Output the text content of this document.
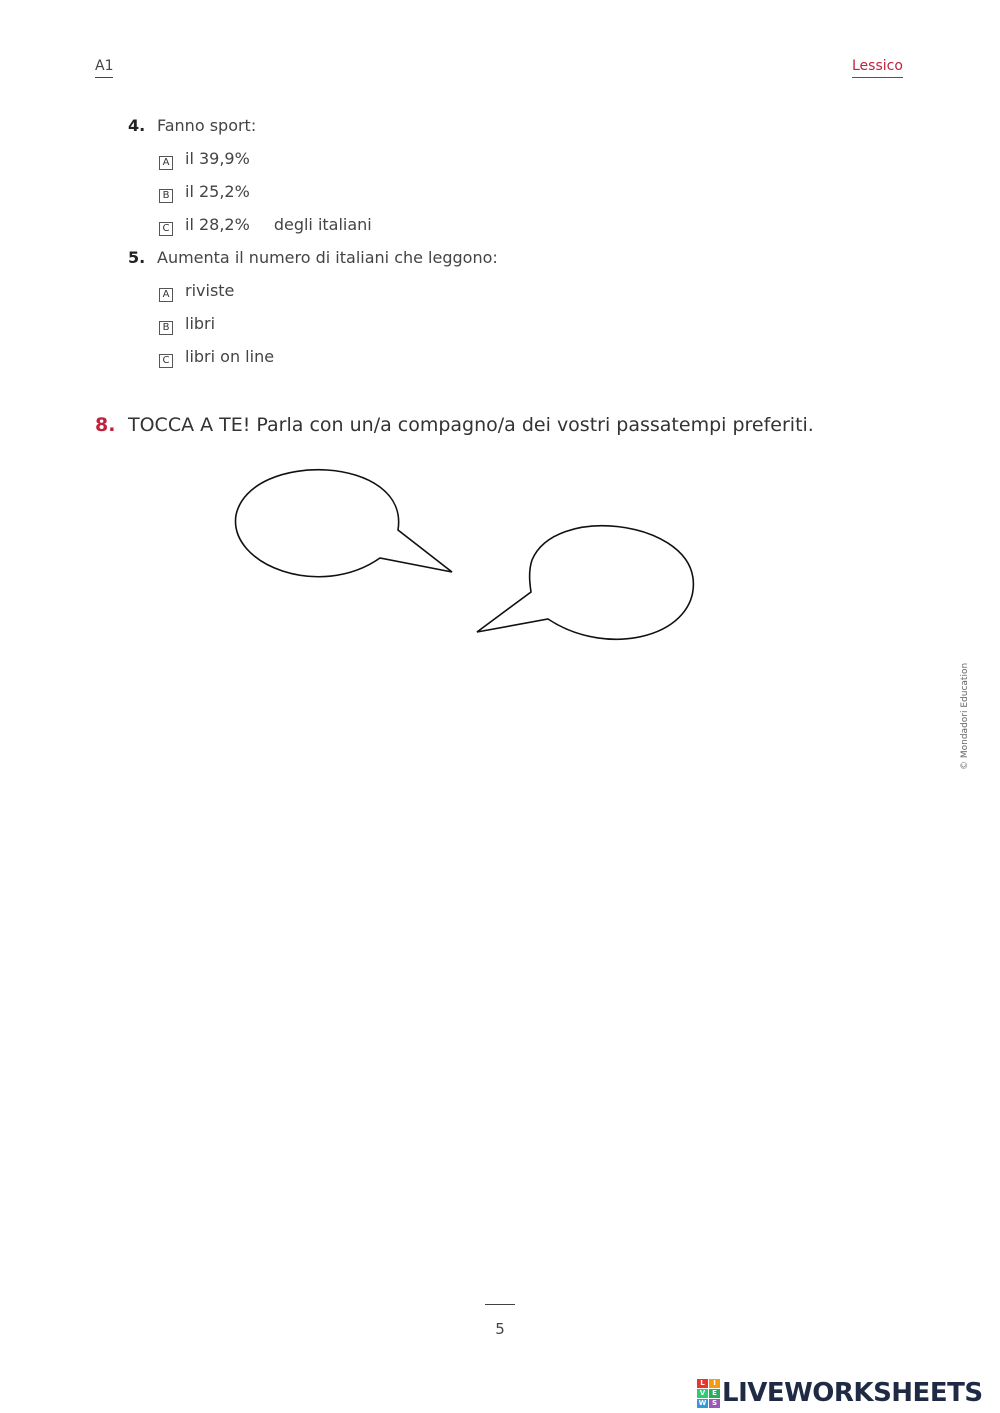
A1	Lessico
4. Fanno sport:
A il 39,9%
B il 25,2%
C il 28,2% degli italiani
5. Aumenta il numero di italiani che leggono:
A riviste
B libri
C libri on line
8. TOCCA A TE! Parla con un/a compagno/a dei vostri passatempi preferiti.
© Mondadori Education
5
L	I
V E
W S LIVEWORKSHEETS
